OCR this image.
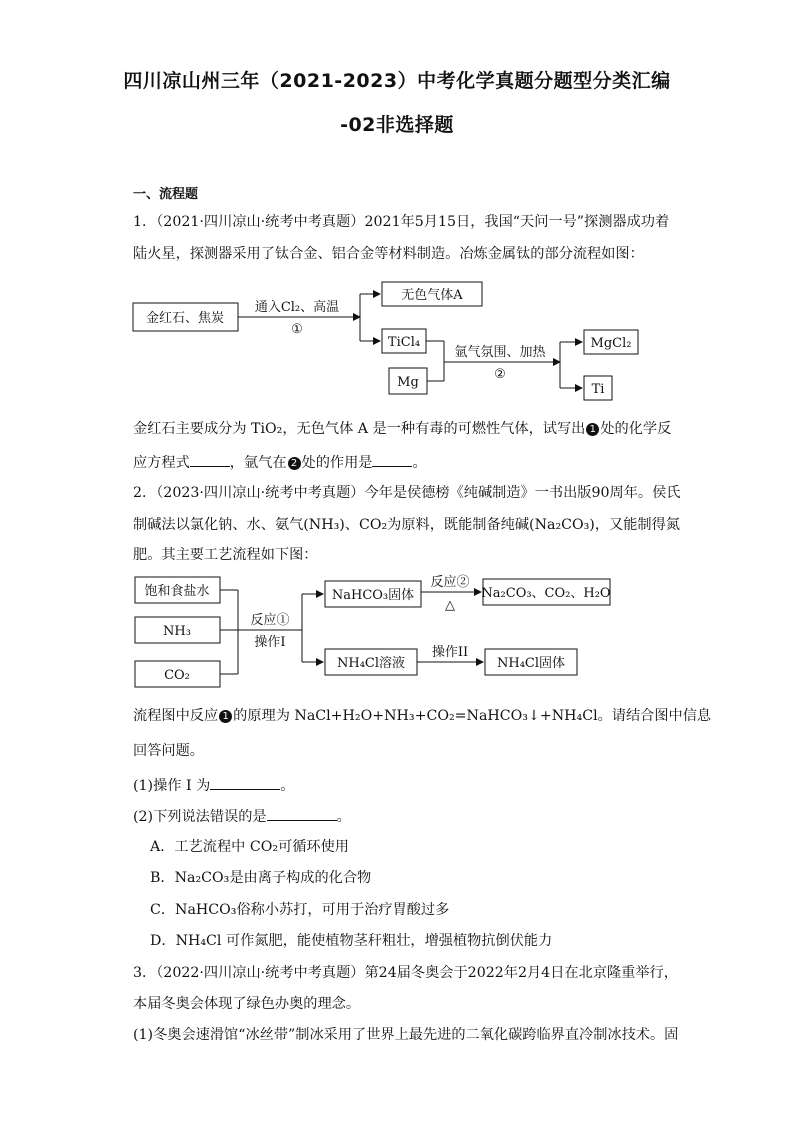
四川凉山州三年（2021-2023）中考化学真题分题型分类汇编
-02非选择题
一、流程题
1．（2021·四川凉山·统考中考真题）2021年5月15日，我国“天问一号”探测器成功着
陆火星，探测器采用了钛合金、铝合金等材料制造。冶炼金属钛的部分流程如图：
金红石、焦炭
通入Cl₂、高温
①
无色气体A
TiCl₄
Mg
氩气氛围、加热
②
MgCl₂
Ti
金红石主要成分为 TiO₂，无色气体 A 是一种有毒的可燃性气体，试写出 1 处的化学反
应方程式	，氩气在 2 处的作用是	。
2．（2023·四川凉山·统考中考真题）今年是侯德榜《纯碱制造》一书出版90周年。侯氏
制碱法以氯化钠、水、氨气(NH₃)、CO₂为原料，既能制备纯碱(Na₂CO₃)，又能制得氮
肥。其主要工艺流程如下图：
饱和食盐水
NH₃
CO₂
反应①
操作I
NaHCO₃固体
反应②
△
Na₂CO₃、CO₂、H₂O
NH₄Cl溶液
操作II
NH₄Cl固体
流程图中反应 1 的原理为 NaCl+H₂O+NH₃+CO₂=NaHCO₃↓+NH₄Cl。请结合图中信息
回答问题。
(1)操作 I 为	。
(2)下列说法错误的是	。
A．工艺流程中 CO₂可循环使用
B．Na₂CO₃是由离子构成的化合物
C．NaHCO₃俗称小苏打，可用于治疗胃酸过多
D．NH₄Cl 可作氮肥，能使植物茎秆粗壮，增强植物抗倒伏能力
3．（2022·四川凉山·统考中考真题）第24届冬奥会于2022年2月4日在北京隆重举行，
本届冬奥会体现了绿色办奥的理念。
(1)冬奥会速滑馆“冰丝带”制冰采用了世界上最先进的二氧化碳跨临界直冷制冰技术。固
